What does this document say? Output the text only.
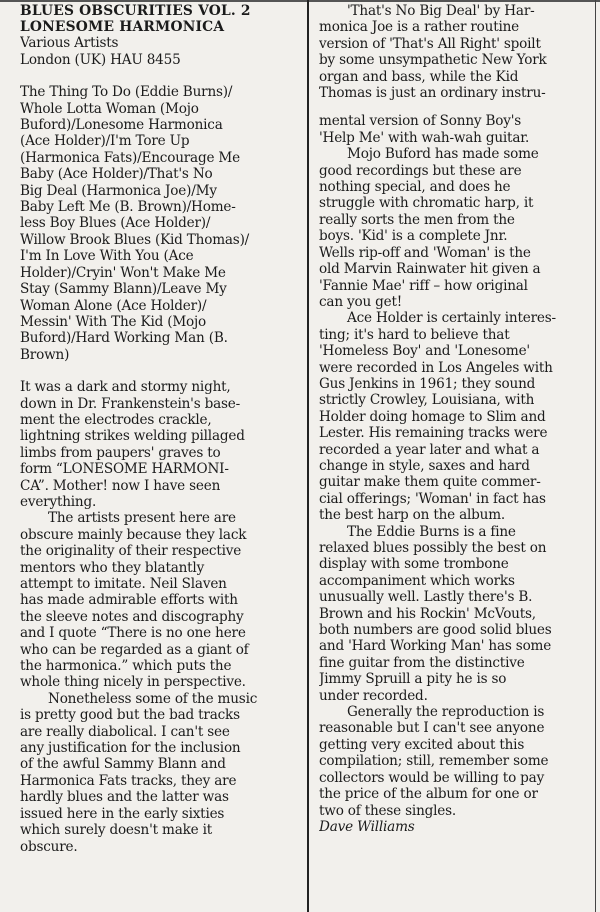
BLUES OBSCURITIES VOL. 2
LONESOME HARMONICA
Various Artists
London (UK) HAU 8455
The Thing To Do (Eddie Burns)/
Whole Lotta Woman (Mojo
Buford)/Lonesome Harmonica
(Ace Holder)/I'm Tore Up
(Harmonica Fats)/Encourage Me
Baby (Ace Holder)/That's No
Big Deal (Harmonica Joe)/My
Baby Left Me (B. Brown)/Home-
less Boy Blues (Ace Holder)/
Willow Brook Blues (Kid Thomas)/
I'm In Love With You (Ace
Holder)/Cryin' Won't Make Me
Stay (Sammy Blann)/Leave My
Woman Alone (Ace Holder)/
Messin' With The Kid (Mojo
Buford)/Hard Working Man (B.
Brown)
It was a dark and stormy night,
down in Dr. Frankenstein's base-
ment the electrodes crackle,
lightning strikes welding pillaged
limbs from paupers' graves to
form “LONESOME HARMONI-
CA”. Mother! now I have seen
everything.
The artists present here are
obscure mainly because they lack
the originality of their respective
mentors who they blatantly
attempt to imitate. Neil Slaven
has made admirable efforts with
the sleeve notes and discography
and I quote “There is no one here
who can be regarded as a giant of
the harmonica.” which puts the
whole thing nicely in perspective.
Nonetheless some of the music
is pretty good but the bad tracks
are really diabolical. I can't see
any justification for the inclusion
of the awful Sammy Blann and
Harmonica Fats tracks, they are
hardly blues and the latter was
issued here in the early sixties
which surely doesn't make it
obscure.
'That's No Big Deal' by Har-
monica Joe is a rather routine
version of 'That's All Right' spoilt
by some unsympathetic New York
organ and bass, while the Kid
Thomas is just an ordinary instru-
mental version of Sonny Boy's
'Help Me' with wah-wah guitar.
Mojo Buford has made some
good recordings but these are
nothing special, and does he
struggle with chromatic harp, it
really sorts the men from the
boys. 'Kid' is a complete Jnr.
Wells rip-off and 'Woman' is the
old Marvin Rainwater hit given a
'Fannie Mae' riff – how original
can you get!
Ace Holder is certainly interes-
ting; it's hard to believe that
'Homeless Boy' and 'Lonesome'
were recorded in Los Angeles with
Gus Jenkins in 1961; they sound
strictly Crowley, Louisiana, with
Holder doing homage to Slim and
Lester. His remaining tracks were
recorded a year later and what a
change in style, saxes and hard
guitar make them quite commer-
cial offerings; 'Woman' in fact has
the best harp on the album.
The Eddie Burns is a fine
relaxed blues possibly the best on
display with some trombone
accompaniment which works
unusually well. Lastly there's B.
Brown and his Rockin' McVouts,
both numbers are good solid blues
and 'Hard Working Man' has some
fine guitar from the distinctive
Jimmy Spruill a pity he is so
under recorded.
Generally the reproduction is
reasonable but I can't see anyone
getting very excited about this
compilation; still, remember some
collectors would be willing to pay
the price of the album for one or
two of these singles.
Dave Williams
